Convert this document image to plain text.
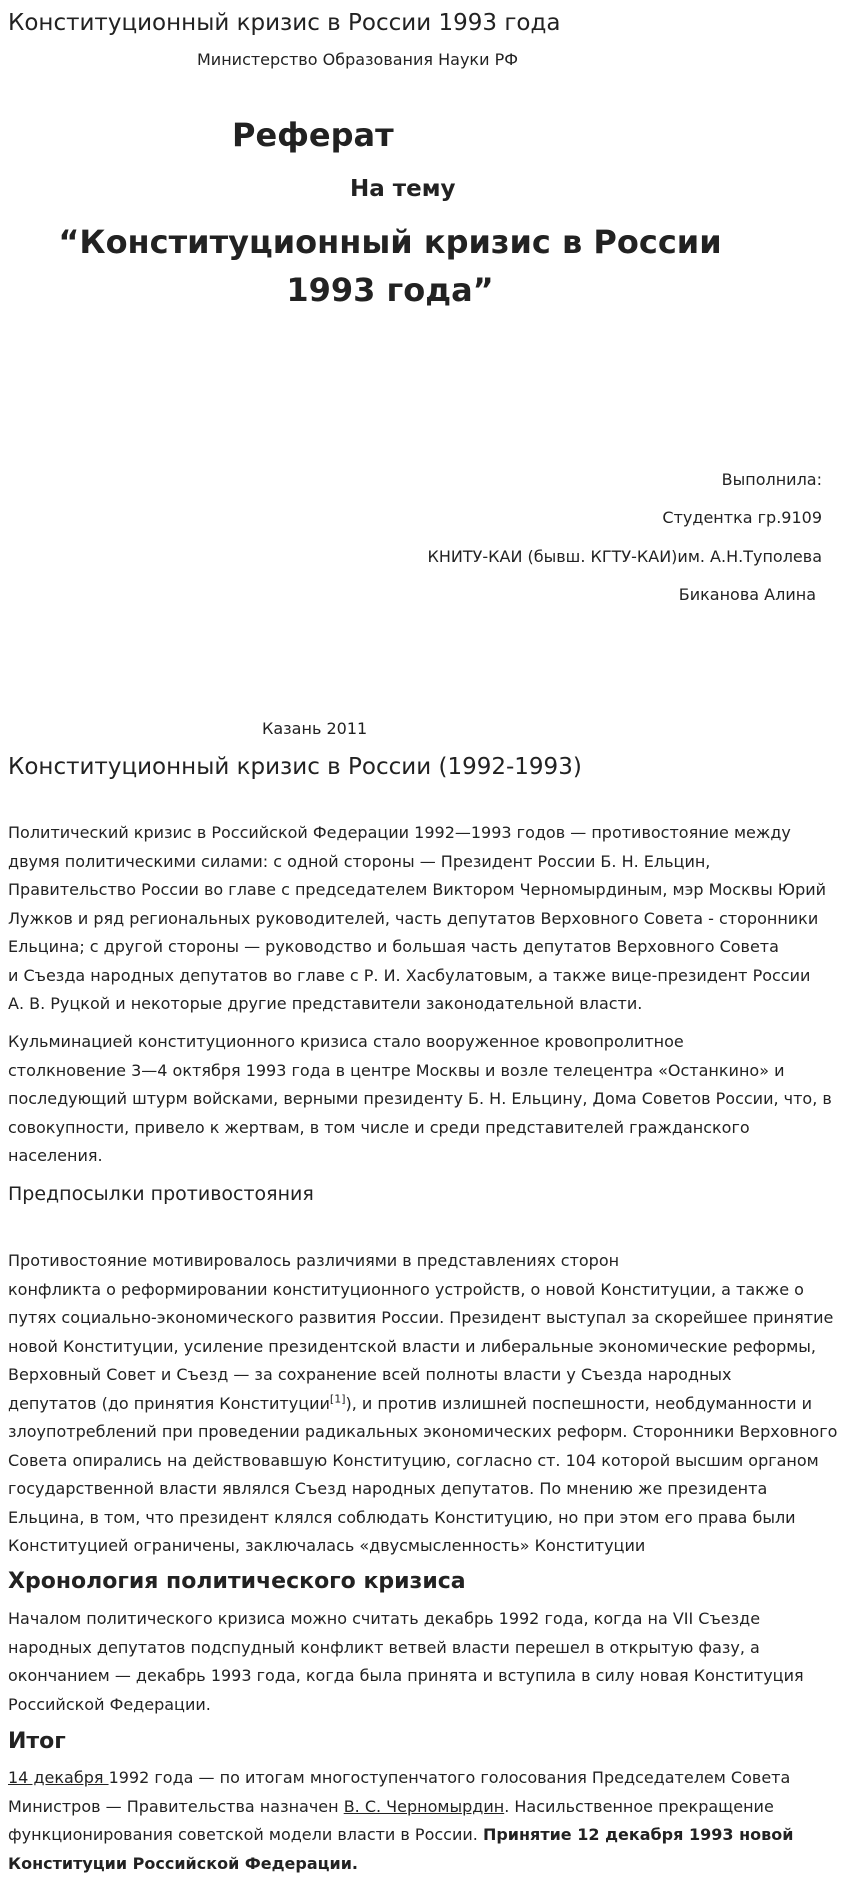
Конституционный кризис в России 1993 года
Министерство Образования Науки РФ
Реферат
На тему
“Конституционный кризис в России
1993 года”
Выполнила:
Студентка гр.9109
КНИТУ-КАИ (бывш. КГТУ-КАИ)им. А.Н.Туполева
Биканова Алина
Казань 2011
Конституционный кризис в России (1992-1993)
Политический кризис в Российской Федерации 1992—1993 годов — противостояние между
двумя политическими силами: с одной стороны — Президент России Б. Н. Ельцин,
Правительство России во главе с председателем Виктором Черномырдиным, мэр Москвы Юрий
Лужков и ряд региональных руководителей, часть депутатов Верховного Совета - сторонники
Ельцина; с другой стороны — руководство и большая часть депутатов Верховного Совета
и Съезда народных депутатов во главе с Р. И. Хасбулатовым, а также вице-президент России
А. В. Руцкой и некоторые другие представители законодательной власти.
Кульминацией конституционного кризиса стало вооруженное кровопролитное
столкновение 3—4 октября 1993 года в центре Москвы и возле телецентра «Останкино» и
последующий штурм войсками, верными президенту Б. Н. Ельцину, Дома Советов России, что, в
совокупности, привело к жертвам, в том числе и среди представителей гражданского
населения.
Предпосылки противостояния
Противостояние мотивировалось различиями в представлениях сторон
конфликта о реформировании конституционного устройств, о новой Конституции, а также о
путях социально-экономического развития России. Президент выступал за скорейшее принятие
новой Конституции, усиление президентской власти и либеральные экономические реформы,
Верховный Совет и Съезд — за сохранение всей полноты власти у Съезда народных
депутатов (до принятия Конституции[1]), и против излишней поспешности, необдуманности и
злоупотреблений при проведении радикальных экономических реформ. Сторонники Верховного
Совета опирались на действовавшую Конституцию, согласно ст. 104 которой высшим органом
государственной власти являлся Съезд народных депутатов. По мнению же президента
Ельцина, в том, что президент клялся соблюдать Конституцию, но при этом его права были
Конституцией ограничены, заключалась «двусмысленность» Конституции
Хронология политического кризиса
Началом политического кризиса можно считать декабрь 1992 года, когда на VII Съезде
народных депутатов подспудный конфликт ветвей власти перешел в открытую фазу, а
окончанием — декабрь 1993 года, когда была принята и вступила в силу новая Конституция
Российской Федерации.
Итог
14 декабря 1992 года — по итогам многоступенчатого голосования Председателем Совета
Министров — Правительства назначен В. С. Черномырдин. Насильственное прекращение
функционирования советской модели власти в России. Принятие 12 декабря 1993 новой
Конституции Российской Федерации.
